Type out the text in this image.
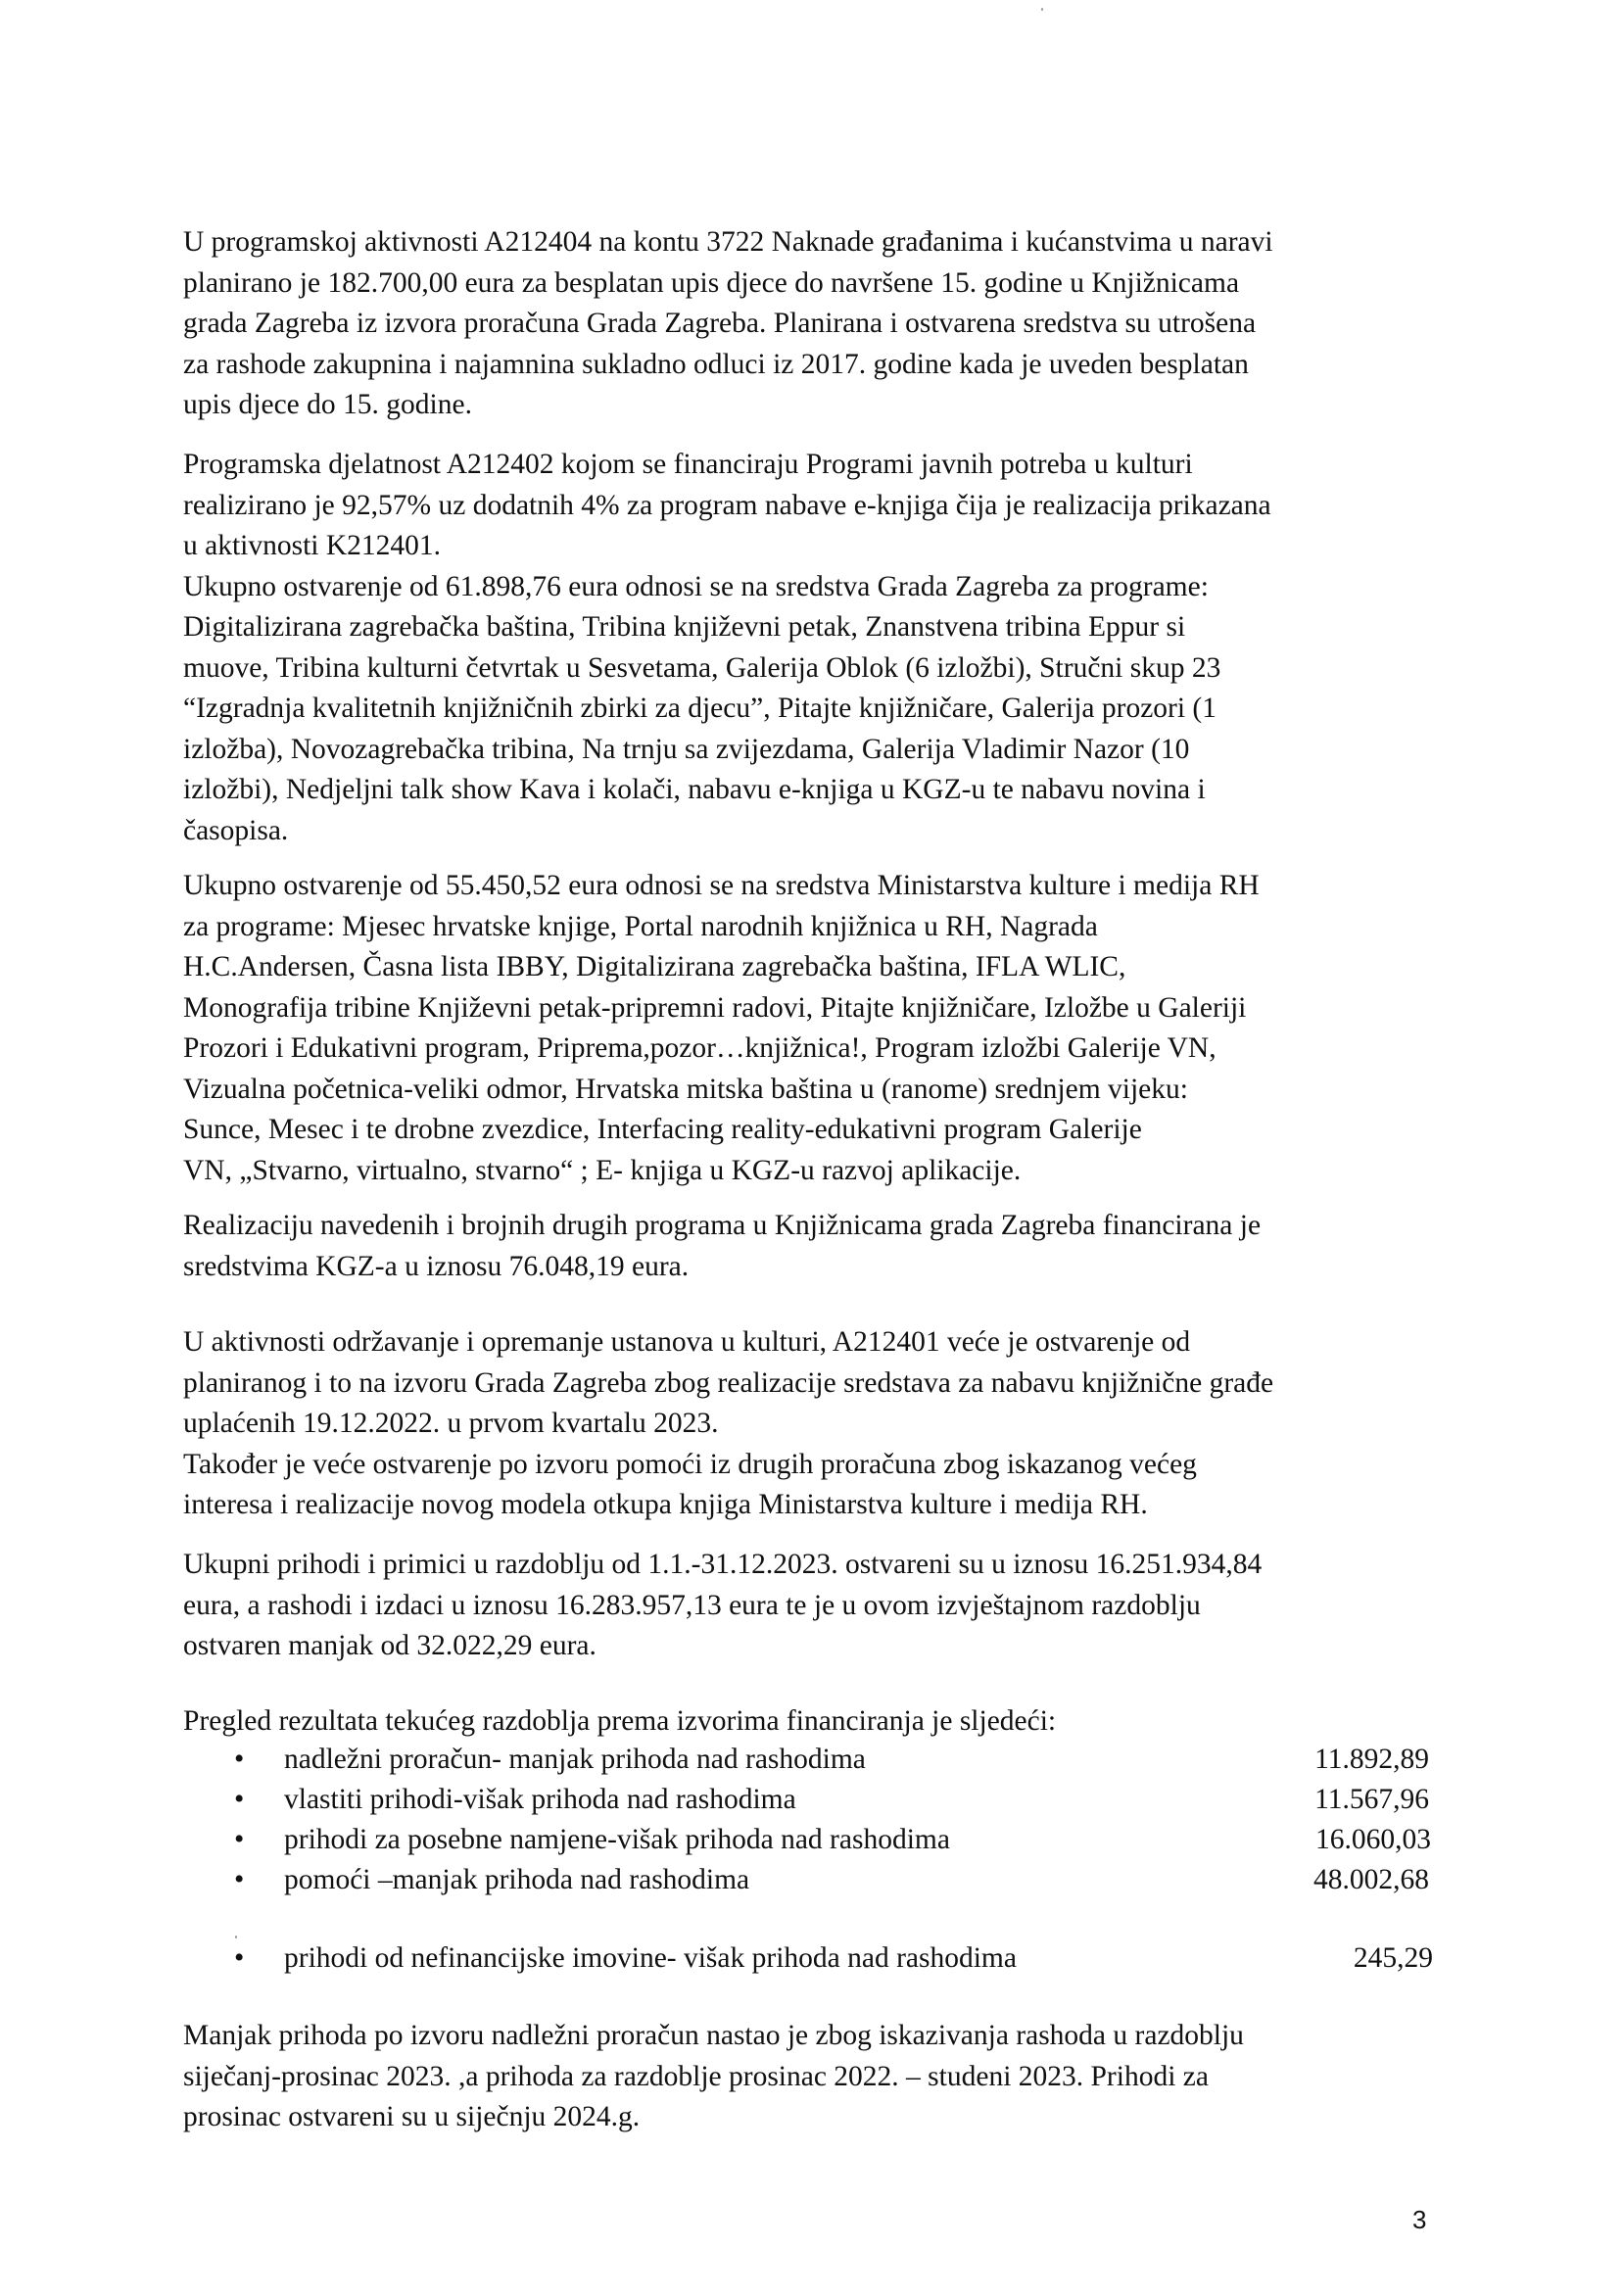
U programskoj aktivnosti A212404 na kontu 3722 Naknade građanima i kućanstvima u naravi
planirano je 182.700,00 eura za besplatan upis djece do navršene 15. godine u Knjižnicama
grada Zagreba iz izvora proračuna Grada Zagreba. Planirana i ostvarena sredstva su utrošena
za rashode zakupnina i najamnina sukladno odluci iz 2017. godine kada je uveden besplatan
upis djece do 15. godine.
Programska djelatnost A212402 kojom se financiraju Programi javnih potreba u kulturi
realizirano je 92,57% uz dodatnih 4% za program nabave e-knjiga čija je realizacija prikazana
u aktivnosti K212401.
Ukupno ostvarenje od 61.898,76 eura odnosi se na sredstva Grada Zagreba za programe:
Digitalizirana zagrebačka baština, Tribina književni petak, Znanstvena tribina Eppur si
muove, Tribina kulturni četvrtak u Sesvetama, Galerija Oblok (6 izložbi), Stručni skup 23
“Izgradnja kvalitetnih knjižničnih zbirki za djecu”, Pitajte knjižničare, Galerija prozori (1
izložba), Novozagrebačka tribina, Na trnju sa zvijezdama, Galerija Vladimir Nazor (10
izložbi), Nedjeljni talk show Kava i kolači, nabavu e-knjiga u KGZ-u te nabavu novina i
časopisa.
Ukupno ostvarenje od 55.450,52 eura odnosi se na sredstva Ministarstva kulture i medija RH
za programe: Mjesec hrvatske knjige, Portal narodnih knjižnica u RH, Nagrada
H.C.Andersen, Časna lista IBBY, Digitalizirana zagrebačka baština, IFLA WLIC,
Monografija tribine Književni petak-pripremni radovi, Pitajte knjižničare, Izložbe u Galeriji
Prozori i Edukativni program, Priprema,pozor…knjižnica!, Program izložbi Galerije VN,
Vizualna početnica-veliki odmor, Hrvatska mitska baština u (ranome) srednjem vijeku:
Sunce, Mesec i te drobne zvezdice, Interfacing reality-edukativni program Galerije
VN, „Stvarno, virtualno, stvarno“ ; E- knjiga u KGZ-u razvoj aplikacije.
Realizaciju navedenih i brojnih drugih programa u Knjižnicama grada Zagreba financirana je
sredstvima KGZ-a u iznosu 76.048,19 eura.
U aktivnosti održavanje i opremanje ustanova u kulturi, A212401 veće je ostvarenje od
planiranog i to na izvoru Grada Zagreba zbog realizacije sredstava za nabavu knjižnične građe
uplaćenih 19.12.2022. u prvom kvartalu 2023.
Također je veće ostvarenje po izvoru pomoći iz drugih proračuna zbog iskazanog većeg
interesa i realizacije novog modela otkupa knjiga Ministarstva kulture i medija RH.
Ukupni prihodi i primici u razdoblju od 1.1.-31.12.2023. ostvareni su u iznosu 16.251.934,84
eura, a rashodi i izdaci u iznosu 16.283.957,13 eura te je u ovom izvještajnom razdoblju
ostvaren manjak od 32.022,29 eura.
Pregled rezultata tekućeg razdoblja prema izvorima financiranja je sljedeći:
• nadležni proračun- manjak prihoda nad rashodima	11.892,89
• vlastiti prihodi-višak prihoda nad rashodima	11.567,96
• prihodi za posebne namjene-višak prihoda nad rashodima	16.060,03
• pomoći –manjak prihoda nad rashodima	48.002,68
• prihodi od nefinancijske imovine- višak prihoda nad rashodima	245,29
Manjak prihoda po izvoru nadležni proračun nastao je zbog iskazivanja rashoda u razdoblju
siječanj-prosinac 2023. ,a prihoda za razdoblje prosinac 2022. – studeni 2023. Prihodi za
prosinac ostvareni su u siječnju 2024.g.
3
